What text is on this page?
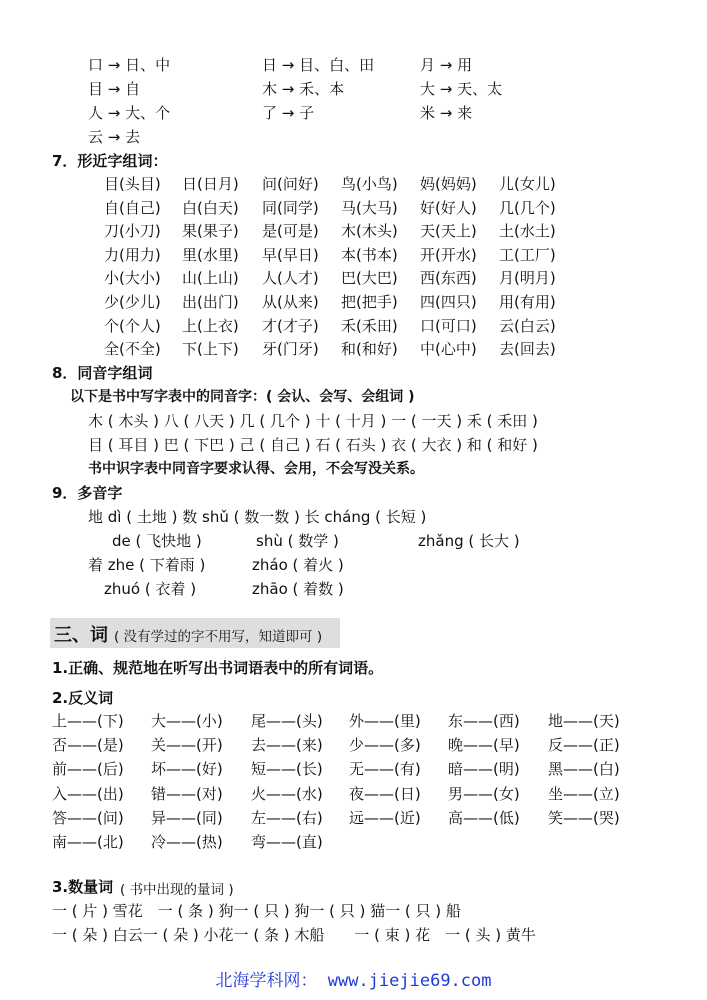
口 → 日、中	日 → 目、白、田	月 → 用
目 → 自	木 → 禾、本	大 → 天、太
人 → 大、个	了 → 子	米 → 来
云 → 去
7．形近字组词：
目(头目) 日(日月) 问(问好) 鸟(小鸟) 妈(妈妈) 儿(女儿)
自(自己) 白(白天) 同(同学) 马(大马) 好(好人) 几(几个)
刀(小刀) 果(果子) 是(可是) 木(木头) 天(天上) 土(水土)
力(用力) 里(水里) 早(早日) 本(书本) 开(开水) 工(工厂)
小(大小) 山(上山) 人(人才) 巴(大巴) 西(东西) 月(明月)
少(少儿) 出(出门) 从(从来) 把(把手) 四(四只) 用(有用)
个(个人) 上(上衣) 才(才子) 禾(禾田) 口(可口) 云(白云)
全(不全) 下(上下) 牙(门牙) 和(和好) 中(心中) 去(回去)
8．同音字组词
以下是书中写字表中的同音字：( 会认、会写、会组词 )
木 ( 木头 ) 八 ( 八天 ) 几 ( 几个 ) 十 ( 十月 ) 一 ( 一天 ) 禾 ( 禾田 )
目 ( 耳目 ) 巴 ( 下巴 ) 己 ( 自己 ) 石 ( 石头 ) 衣 ( 大衣 ) 和 ( 和好 )
书中识字表中同音字要求认得、会用，不会写没关系。
9．多音字
地 dì ( 土地 ) 数 shǔ ( 数一数 ) 长 cháng ( 长短 )
de ( 飞快地 )	shù ( 数学 )	zhǎng ( 长大 )
着 zhe ( 下着雨 )	zháo ( 着火 )
zhuó ( 衣着 )	zhāo ( 着数 )
三、词 ( 没有学过的字不用写，知道即可 )
1.正确、规范地在听写出书词语表中的所有词语。
2.反义词
上——(下) 大——(小) 尾——(头) 外——(里) 东——(西) 地——(天)
否——(是) 关——(开) 去——(来) 少——(多) 晚——(早) 反——(正)
前——(后) 坏——(好) 短——(长) 无——(有) 暗——(明) 黑——(白)
入——(出) 错——(对) 火——(水) 夜——(日) 男——(女) 坐——(立)
答——(问) 异——(同) 左——(右) 远——(近) 高——(低) 笑——(哭)
南——(北) 冷——(热) 弯——(直)
3.数量词 ( 书中出现的量词 )
一 ( 片 ) 雪花　一 ( 条 ) 狗一 ( 只 ) 狗一 ( 只 ) 猫一 ( 只 ) 船
一 ( 朵 ) 白云一 ( 朵 ) 小花一 ( 条 ) 木船　　一 ( 束 ) 花　一 ( 头 ) 黄牛
北海学科网： www.jiejie69.com
